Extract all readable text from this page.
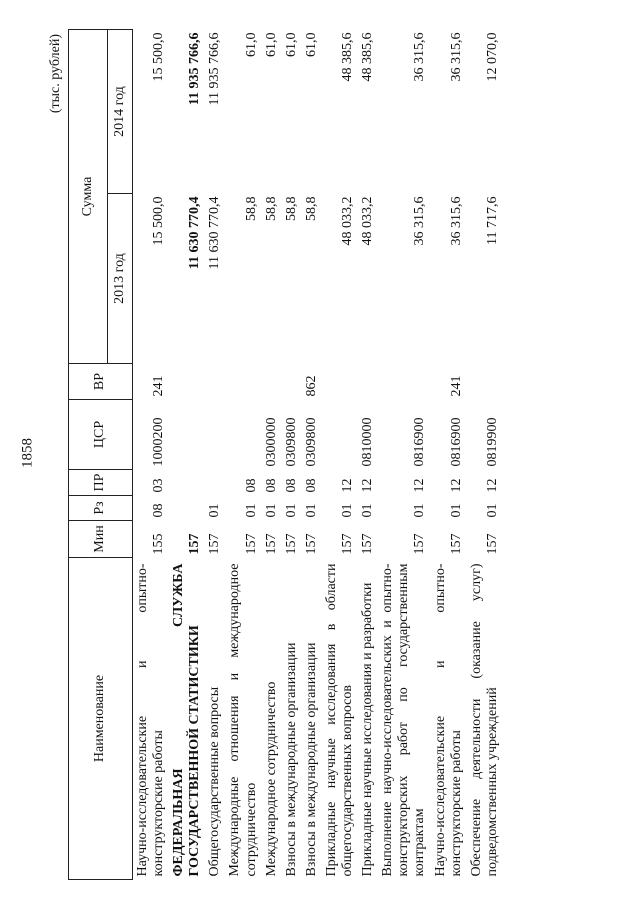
1858
(тыс. рублей)
Наименование	Мин	Рз	ПР	ЦСР	ВР	Сумма	
						2013 год	2014 год
Научно-исследовательские и опытно-конструкторские работы	155	08	03	1000200	241	15 500,0	15 500,0
ФЕДЕРАЛЬНАЯ СЛУЖБА ГОСУДАРСТВЕННОЙ СТАТИСТИКИ	157					11 630 770,4	11 935 766,6
Общегосударственные вопросы	157	01				11 630 770,4	11 935 766,6
Международные отношения и международное сотрудничество	157	01	08			58,8	61,0
Международное сотрудничество	157	01	08	0300000		58,8	61,0
Взносы в международные организации	157	01	08	0309800		58,8	61,0
Взносы в международные организации	157	01	08	0309800	862	58,8	61,0
Прикладные научные исследования в области общегосударственных вопросов	157	01	12			48 033,2	48 385,6
Прикладные научные исследования и разработки	157	01	12	0810000		48 033,2	48 385,6
Выполнение научно-исследовательских и опытно-конструкторских работ по государственным контрактам	157	01	12	0816900		36 315,6	36 315,6
Научно-исследовательские и опытно-конструкторские работы	157	01	12	0816900	241	36 315,6	36 315,6
Обеспечение деятельности (оказание услуг) подведомственных учреждений	157	01	12	0819900		11 717,6	12 070,0
